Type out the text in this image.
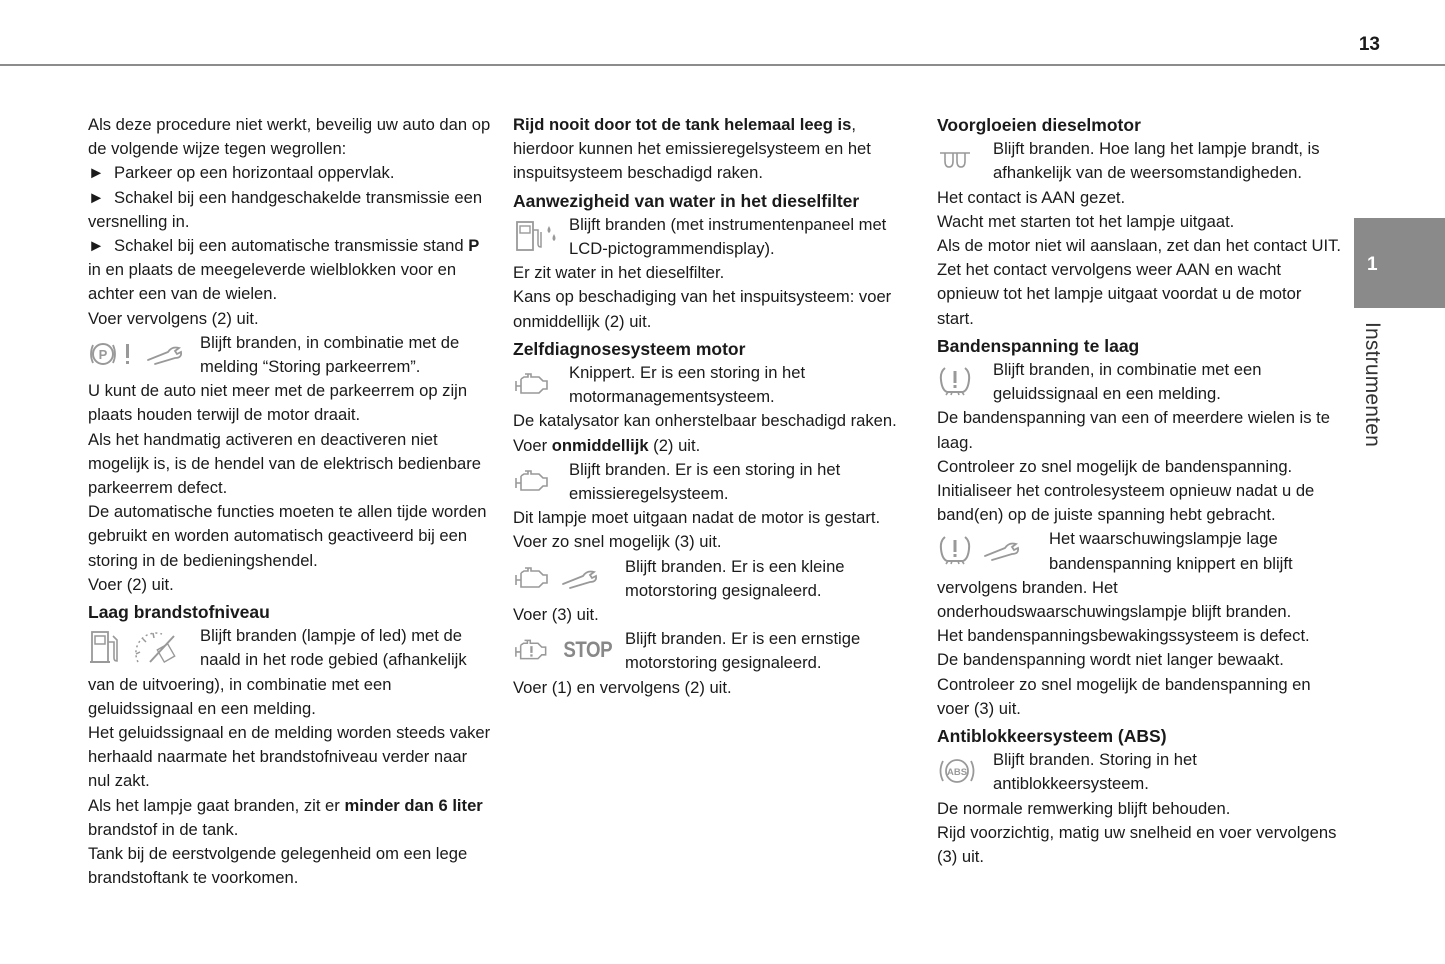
13
1
Instrumenten

Als deze procedure niet werkt, beveilig uw auto dan op de volgende wijze tegen wegrollen:

► Parkeer op een horizontaal oppervlak.

► Schakel bij een handgeschakelde transmissie een versnelling in.

► Schakel bij een automatische transmissie stand P in en plaats de meegeleverde wielblokken voor en achter een van de wielen.

Voer vervolgens (2) uit.

P
Blijft branden, in combinatie met de melding “Storing parkeerrem”.

U kunt de auto niet meer met de parkeerrem op zijn plaats houden terwijl de motor draait.

Als het handmatig activeren en deactiveren niet mogelijk is, is de hendel van de elektrisch bedienbare parkeerrem defect.

De automatische functies moeten te allen tijde worden gebruikt en worden automatisch geactiveerd bij een storing in de bedieningshendel.

Voer (2) uit.

Laag brandstofniveau

Blijft branden (lampje of led) met de naald in het rode gebied (afhankelijk van de uitvoering), in combinatie met een geluidssignaal en een melding.

Het geluidssignaal en de melding worden steeds vaker herhaald naarmate het brandstofniveau verder naar nul zakt.

Als het lampje gaat branden, zit er minder dan 6 liter brandstof in de tank.

Tank bij de eerstvolgende gelegenheid om een lege brandstoftank te voorkomen.

Rijd nooit door tot de tank helemaal leeg is, hierdoor kunnen het emissieregelsysteem en het inspuitsysteem beschadigd raken.

Aanwezigheid van water in het dieselfilter

Blijft branden (met instrumentenpaneel met LCD-pictogrammendisplay).

Er zit water in het dieselfilter.

Kans op beschadiging van het inspuitsysteem: voer onmiddellijk (2) uit.

Zelfdiagnosesysteem motor

Knippert. Er is een storing in het motormanagementsysteem.

De katalysator kan onherstelbaar beschadigd raken.

Voer onmiddellijk (2) uit.

Blijft branden. Er is een storing in het emissieregelsysteem.

Dit lampje moet uitgaan nadat de motor is gestart.

Voer zo snel mogelijk (3) uit.

Blijft branden. Er is een kleine motorstoring gesignaleerd.

Voer (3) uit.

STOP Blijft branden. Er is een ernstige motorstoring gesignaleerd.

Voer (1) en vervolgens (2) uit.

Voorgloeien dieselmotor

Blijft branden. Hoe lang het lampje brandt, is afhankelijk van de weersomstandigheden.

Het contact is AAN gezet.

Wacht met starten tot het lampje uitgaat.

Als de motor niet wil aanslaan, zet dan het contact UIT. Zet het contact vervolgens weer AAN en wacht opnieuw tot het lampje uitgaat voordat u de motor start.

Bandenspanning te laag

Blijft branden, in combinatie met een geluidssignaal en een melding.

De bandenspanning van een of meerdere wielen is te laag.

Controleer zo snel mogelijk de bandenspanning.

Initialiseer het controlesysteem opnieuw nadat u de band(en) op de juiste spanning hebt gebracht.

Het waarschuwingslampje lage bandenspanning knippert en blijft vervolgens branden. Het onderhoudswaarschuwingslampje blijft branden.

Het bandenspanningsbewakingssysteem is defect.

De bandenspanning wordt niet langer bewaakt.

Controleer zo snel mogelijk de bandenspanning en voer (3) uit.

Antiblokkeersysteem (ABS)

ABS
Blijft branden. Storing in het antiblokkeersysteem.

De normale remwerking blijft behouden.

Rijd voorzichtig, matig uw snelheid en voer vervolgens (3) uit.
